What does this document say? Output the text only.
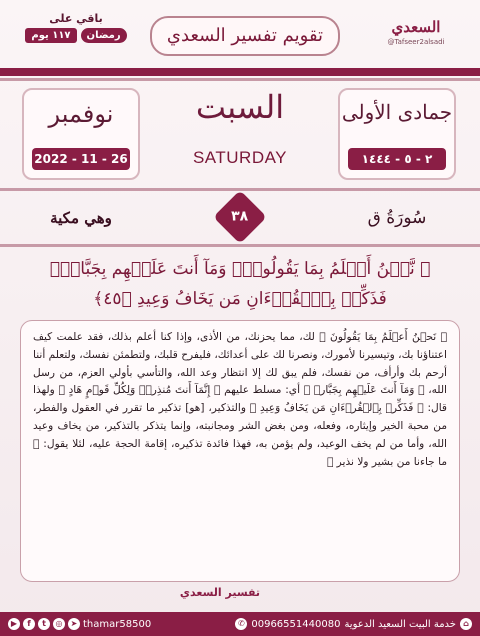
باقي على
رمضان
١١٧ يوم	تقويم تفسير السعدي	السعدي
@Tafseer2alsadi
نوفمبر
2022 - 11 - 26
السبت
SATURDAY
جمادى الأولى
٢ - ٥ - ١٤٤٤
وهي مكية	٣٨	سُورَةُ ق
﴿ نَّحۡنُ أَعۡلَمُ بِمَا يَقُولُونَۖ وَمَآ أَنتَ عَلَيۡهِم بِجَبَّارٖۖ فَذَكِّرۡ بِٱلۡقُرۡءَانِ مَن يَخَافُ وَعِيدِ ﴿٤٥﴾
﴿ نَحۡنُ أَعۡلَمُ بِمَا يَقُولُونَ ﴾ لك، مما يحزنك، من الأذى، وإذا كنا أعلم بذلك، فقد علمت كيف اعتناؤنا بك، وتيسيرنا لأمورك، ونصرنا لك على أعدائك، فليفرح قلبك، ولتطمئن نفسك، ولتعلم أننا أرحم بك وأرأف، من نفسك، فلم يبق لك إلا انتظار وعد الله، والتأسي بأولي العزم، من رسل الله، ﴿ وَمَآ أَنتَ عَلَيۡهِم بِجَبَّارٖ ﴾ أي: مسلط عليهم ﴿ إِنَّمَآ أَنتَ مُنذِرٞۖ وَلِكُلِّ قَوۡمٍ هَادٍ ﴾ ولهذا قال: ﴿ فَذَكِّرۡ بِٱلۡقُرۡءَانِ مَن يَخَافُ وَعِيدِ ﴾ والتذكير، [هو] تذكير ما تقرر في العقول والفطر، من محبة الخير وإيثاره، وفعله، ومن بغض الشر ومجانبته، وإنما يتذكر بالتذكير، من يخاف وعيد الله، وأما من لم يخف الوعيد، ولم يؤمن به، فهذا فائدة تذكيره، إقامة الحجة عليه، لئلا يقول: ﴿ ما جاءنا من بشير ولا نذير ﴾
تفسير السعدي
▶	f	t	◎	➤ thamar58500	⌂
خدمة البيت السعيد الدعوية
00966551440080
✆
